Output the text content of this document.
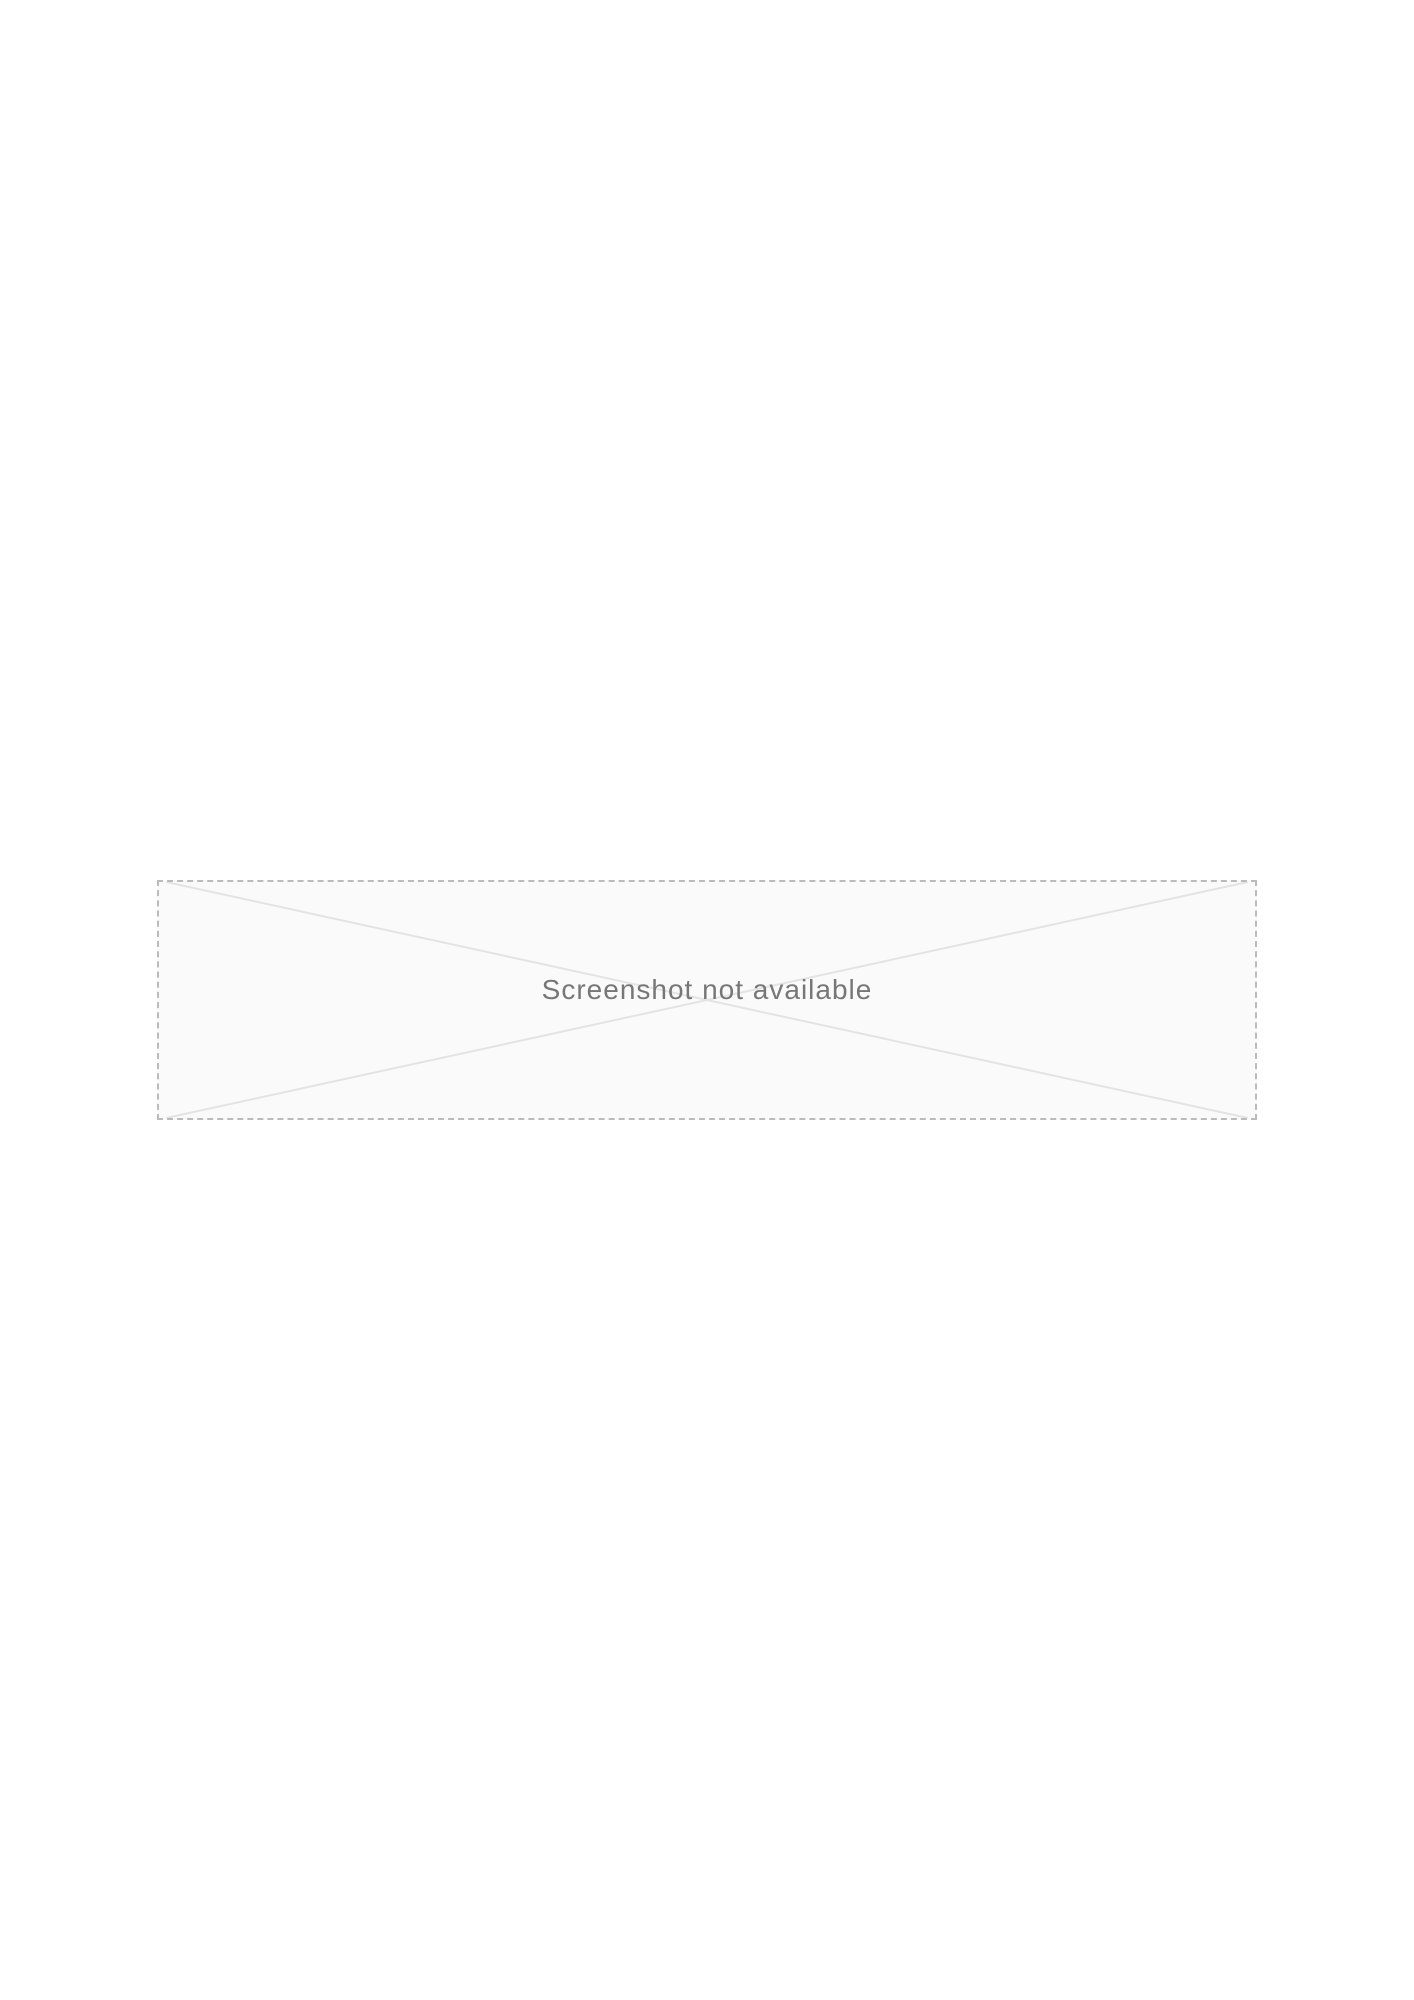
Screenshot not available
